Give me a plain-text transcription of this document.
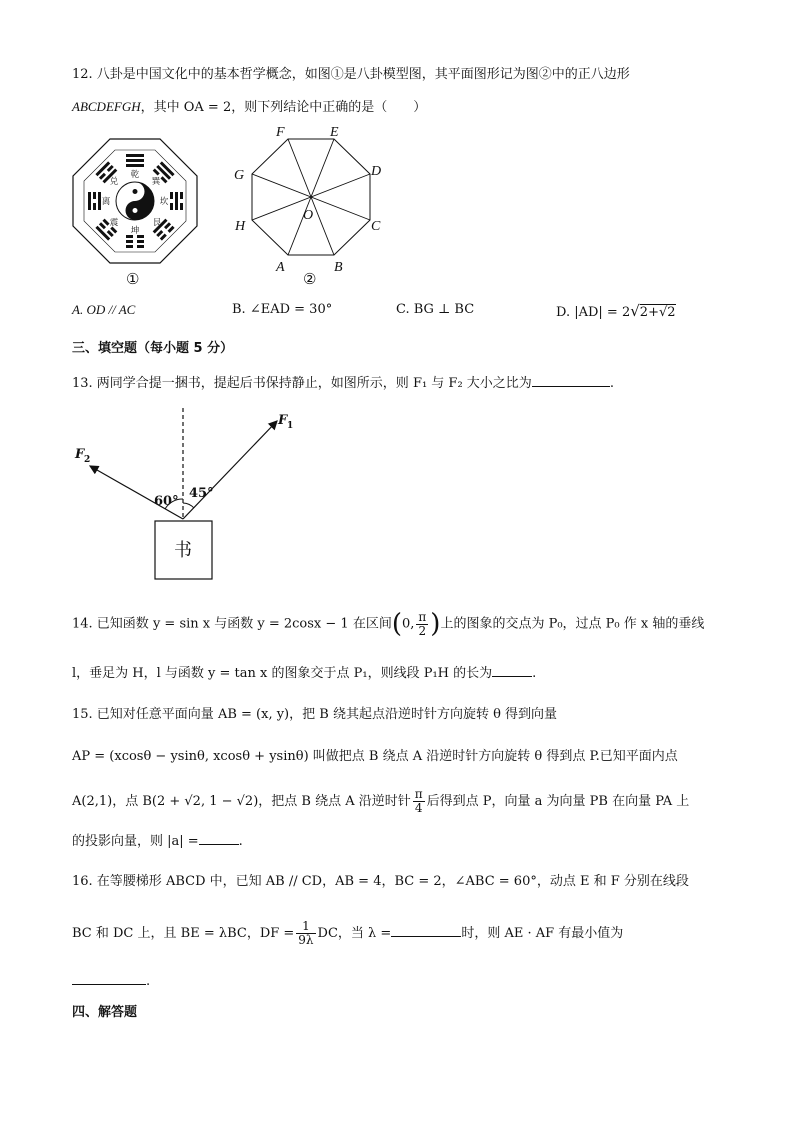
12. 八卦是中国文化中的基本哲学概念，如图①是八卦模型图，其平面图形记为图②中的正八边形
ABCDEFGH，其中 OA = 2，则下列结论中正确的是（　　）
乾
巽
坎
艮
坤
震
离
兑
①
F	E
D
C
B
A
H
G
O
②
A. OD // AC	B. ∠EAD = 30°	C. BG ⊥ BC	D. |AD| = 2√2+√2
三、填空题（每小题 5 分）
13. 两同学合提一捆书，提起后书保持静止，如图所示，则 F₁ 与 F₂ 大小之比为	.
F 1
F 2
60°
45°
书
14. 已知函数 y = sin x 与函数 y = 2cosx − 1 在区间(0, $\frac{\pi}{2}$ )上的图象的交点为 P₀，过点 P₀ 作 x 轴的垂线
l，垂足为 H，l 与函数 y = tan x 的图象交于点 P₁，则线段 P₁H 的长为	.
15. 已知对任意平面向量 AB = (x, y)，把 B 绕其起点沿逆时针方向旋转 θ 得到向量
AP = (xcosθ − ysinθ, xcosθ + ysinθ) 叫做把点 B 绕点 A 沿逆时针方向旋转 θ 得到点 P.已知平面内点
A(2,1)，点 B(2 + √2, 1 − √2)，把点 B 绕点 A 沿逆时针 $\frac{\pi}{4}$ 后得到点 P，向量 a 为向量 PB 在向量 PA 上
的投影向量，则 |a| =	.
16. 在等腰梯形 ABCD 中，已知 AB // CD，AB = 4，BC = 2，∠ABC = 60°，动点 E 和 F 分别在线段
BC 和 DC 上，且 BE = λBC，DF = $\frac{1}{9\lambda}$ DC，当 λ =	时，则 AE · AF 有最小值为
.
四、解答题
